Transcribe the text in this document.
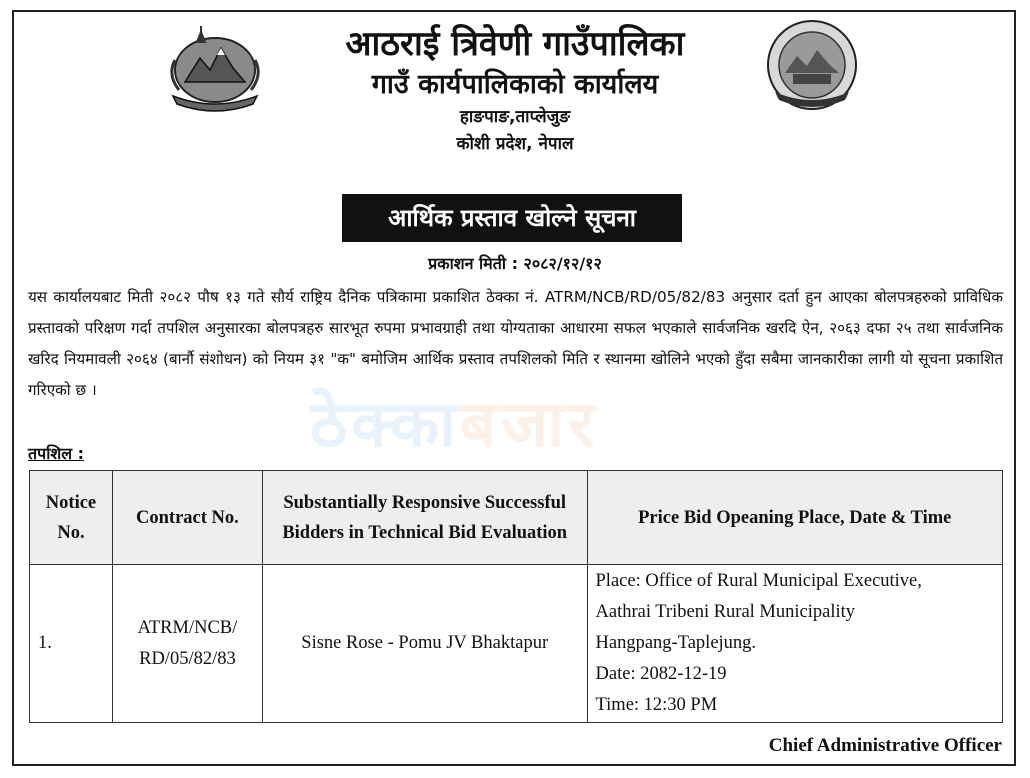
आठराई त्रिवेणी गाउँपालिका
गाउँ कार्यपालिकाको कार्यालय
हाङपाङ,ताप्लेजुङ
कोशी प्रदेश, नेपाल
आर्थिक प्रस्ताव खोल्ने सूचना
प्रकाशन मिती : २०८२/१२/१२

यस कार्यालयबाट मिती २०८२ पौष १३ गते सौर्य राष्ट्रिय दैनिक पत्रिकामा प्रकाशित ठेक्का नं. ATRM/NCB/RD/05/82/83 अनुसार दर्ता हुन आएका बोलपत्रहरुको प्राविधिक प्रस्तावको परिक्षण गर्दा तपशिल अनुसारका बोलपत्रहरु सारभूत रुपमा प्रभावग्राही तथा योग्यताका आधारमा सफल भएकाले सार्वजनिक खरदि ऐन, २०६३ दफा २५ तथा सार्वजनिक खरिद नियमावली २०६४ (बार्नौ संशोधन) को नियम ३१ "क" बमोजिम आर्थिक प्रस्ताव तपशिलको मिति र स्थानमा खोलिने भएको हुँदा सबैमा जानकारीका लागी यो सूचना प्रकाशित गरिएको छ ।	ठेक्काबजार
तपशिल :
Notice No.	Contract No.	Substantially Responsive Successful Bidders in Technical Bid Evaluation	Price Bid Opeaning Place, Date & Time
1.	ATRM/NCB/
RD/05/82/83	Sisne Rose - Pomu JV Bhaktapur	Place: Office of Rural Municipal Executive,
Aathrai Tribeni Rural Municipality
Hangpang-Taplejung.
Date: 2082-12-19
Time: 12:30 PM
Chief Administrative Officer
